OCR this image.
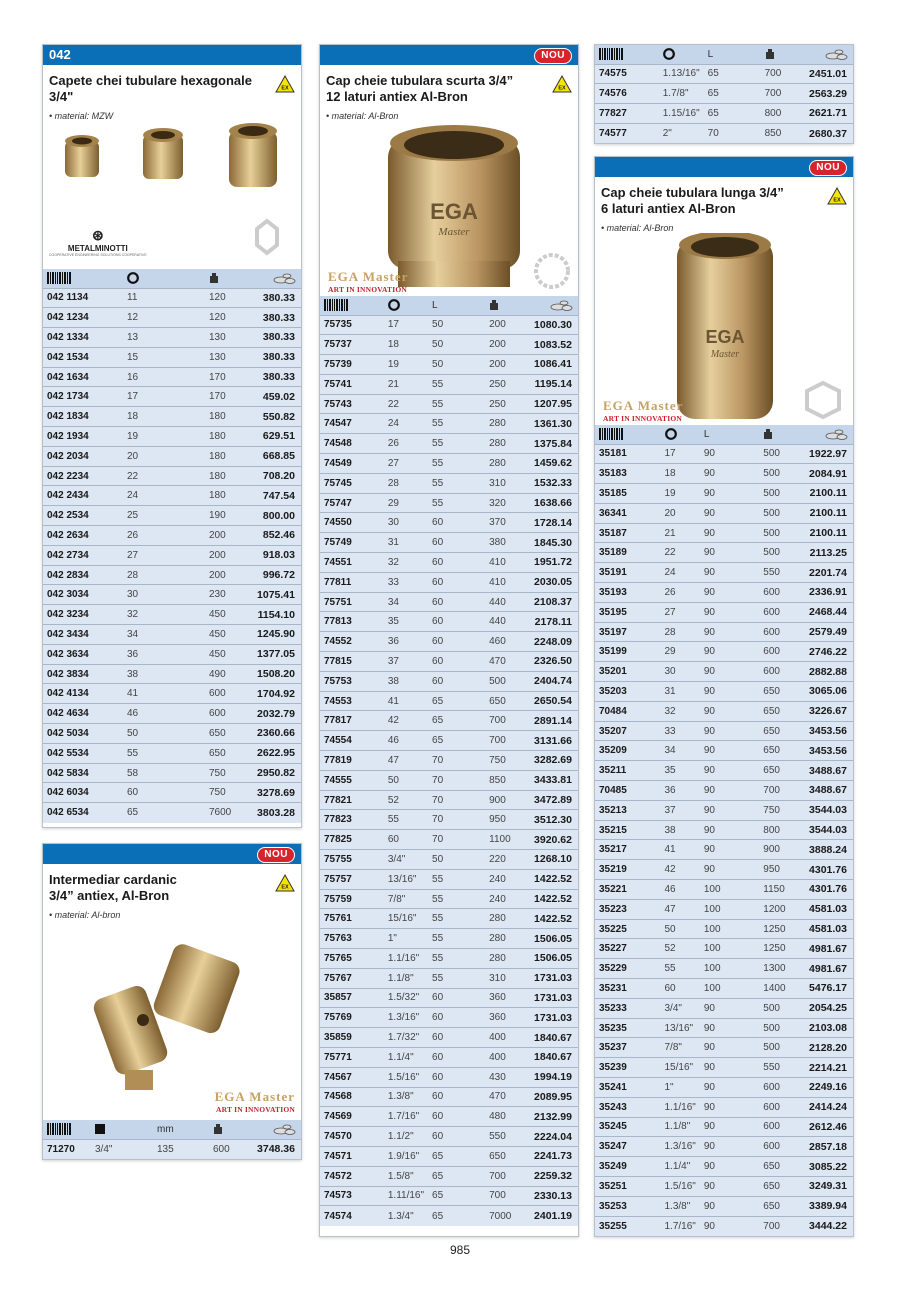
042
Capete chei tubulare hexagonale
3/4"
• material: MZW
⊛
METALMINOTTI
COOPERATIVE ENGINEERING SOLUTIONS COOPERATIVE

042 1134	11	120	380.33
042 1234	12	120	380.33
042 1334	13	130	380.33
042 1534	15	130	380.33
042 1634	16	170	380.33
042 1734	17	170	459.02
042 1834	18	180	550.82
042 1934	19	180	629.51
042 2034	20	180	668.85
042 2234	22	180	708.20
042 2434	24	180	747.54
042 2534	25	190	800.00
042 2634	26	200	852.46
042 2734	27	200	918.03
042 2834	28	200	996.72
042 3034	30	230	1075.41
042 3234	32	450	1154.10
042 3434	34	450	1245.90
042 3634	36	450	1377.05
042 3834	38	490	1508.20
042 4134	41	600	1704.92
042 4634	46	600	2032.79
042 5034	50	650	2360.66
042 5534	55	650	2622.95
042 5834	58	750	2950.82
042 6034	60	750	3278.69
042 6534	65	7600	3803.28
NOU
Intermediar cardanic
3/4” antiex, Al-Bron
• material: Al-bron
EGA Master
ART IN INNOVATION
		mm		
71270	3/4"	135	600	3748.36
NOU
Cap cheie tubulara scurta 3/4”
12 laturi antiex Al-Bron
• material: Al-Bron
EGA
Master
EGA Master
ART IN INNOVATION
		L		
75735	17	50	200	1080.30
75737	18	50	200	1083.52
75739	19	50	200	1086.41
75741	21	55	250	1195.14
75743	22	55	250	1207.95
74547	24	55	280	1361.30
74548	26	55	280	1375.84
74549	27	55	280	1459.62
75745	28	55	310	1532.33
75747	29	55	320	1638.66
74550	30	60	370	1728.14
75749	31	60	380	1845.30
74551	32	60	410	1951.72
77811	33	60	410	2030.05
75751	34	60	440	2108.37
77813	35	60	440	2178.11
74552	36	60	460	2248.09
77815	37	60	470	2326.50
75753	38	60	500	2404.74
74553	41	65	650	2650.54
77817	42	65	700	2891.14
74554	46	65	700	3131.66
77819	47	70	750	3282.69
74555	50	70	850	3433.81
77821	52	70	900	3472.89
77823	55	70	950	3512.30
77825	60	70	1100	3920.62
75755	3/4"	50	220	1268.10
75757	13/16"	55	240	1422.52
75759	7/8"	55	240	1422.52
75761	15/16"	55	280	1422.52
75763	1"	55	280	1506.05
75765	1.1/16"	55	280	1506.05
75767	1.1/8"	55	310	1731.03
35857	1.5/32"	60	360	1731.03
75769	1.3/16"	60	360	1731.03
35859	1.7/32"	60	400	1840.67
75771	1.1/4"	60	400	1840.67
74567	1.5/16"	60	430	1994.19
74568	1.3/8"	60	470	2089.95
74569	1.7/16"	60	480	2132.99
74570	1.1/2"	60	550	2224.04
74571	1.9/16"	65	650	2241.73
74572	1.5/8"	65	700	2259.32
74573	1.11/16"	65	700	2330.13
74574	1.3/4"	65	7000	2401.19
		L		
74575	1.13/16"	65	700	2451.01
74576	1.7/8"	65	700	2563.29
77827	1.15/16"	65	800	2621.71
74577	2"	70	850	2680.37
NOU
Cap cheie tubulara lunga 3/4”
6 laturi antiex Al-Bron
• material: Al-Bron
EGA
Master
EGA Master
ART IN INNOVATION
		L		
35181	17	90	500	1922.97
35183	18	90	500	2084.91
35185	19	90	500	2100.11
36341	20	90	500	2100.11
35187	21	90	500	2100.11
35189	22	90	500	2113.25
35191	24	90	550	2201.74
35193	26	90	600	2336.91
35195	27	90	600	2468.44
35197	28	90	600	2579.49
35199	29	90	600	2746.22
35201	30	90	600	2882.88
35203	31	90	650	3065.06
70484	32	90	650	3226.67
35207	33	90	650	3453.56
35209	34	90	650	3453.56
35211	35	90	650	3488.67
70485	36	90	700	3488.67
35213	37	90	750	3544.03
35215	38	90	800	3544.03
35217	41	90	900	3888.24
35219	42	90	950	4301.76
35221	46	100	1150	4301.76
35223	47	100	1200	4581.03
35225	50	100	1250	4581.03
35227	52	100	1250	4981.67
35229	55	100	1300	4981.67
35231	60	100	1400	5476.17
35233	3/4"	90	500	2054.25
35235	13/16"	90	500	2103.08
35237	7/8"	90	500	2128.20
35239	15/16"	90	550	2214.21
35241	1"	90	600	2249.16
35243	1.1/16"	90	600	2414.24
35245	1.1/8"	90	600	2612.46
35247	1.3/16"	90	600	2857.18
35249	1.1/4"	90	650	3085.22
35251	1.5/16"	90	650	3249.31
35253	1.3/8"	90	650	3389.94
35255	1.7/16"	90	700	3444.22
985
